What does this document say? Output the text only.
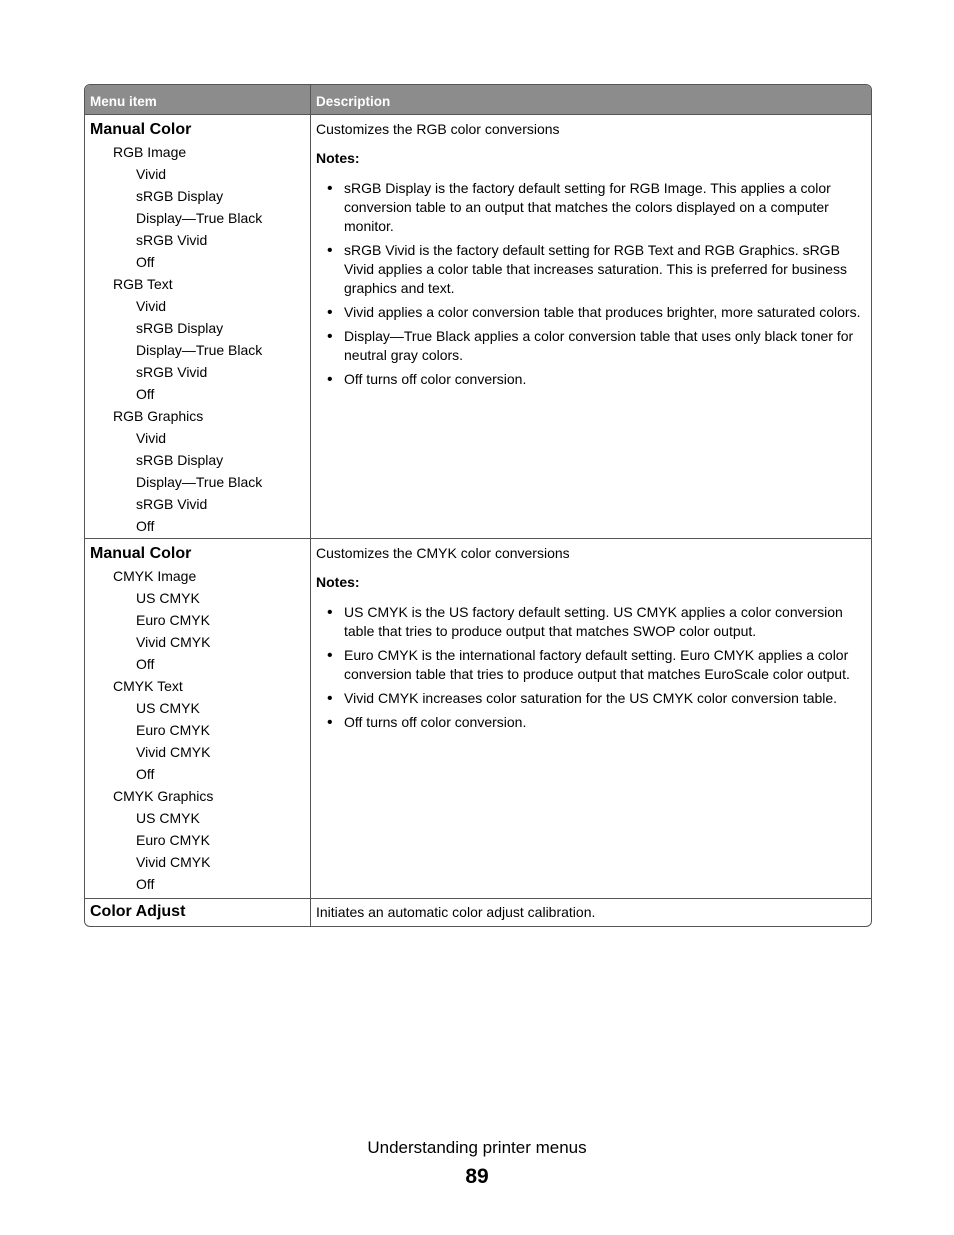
Menu item	Description
Manual Color
RGB Image
Vivid
sRGB Display
Display—True Black
sRGB Vivid
Off
RGB Text
Vivid
sRGB Display
Display—True Black
sRGB Vivid
Off
RGB Graphics
Vivid
sRGB Display
Display—True Black
sRGB Vivid
Off
Customizes the RGB color conversions
Notes:
• sRGB Display is the factory default setting for RGB Image. This applies a color conversion table to an output that matches the colors displayed on a computer monitor.
• sRGB Vivid is the factory default setting for RGB Text and RGB Graphics. sRGB Vivid applies a color table that increases saturation. This is preferred for business graphics and text.
• Vivid applies a color conversion table that produces brighter, more saturated colors.
• Display—True Black applies a color conversion table that uses only black toner for neutral gray colors.
• Off turns off color conversion.
Manual Color
CMYK Image
US CMYK
Euro CMYK
Vivid CMYK
Off
CMYK Text
US CMYK
Euro CMYK
Vivid CMYK
Off
CMYK Graphics
US CMYK
Euro CMYK
Vivid CMYK
Off
Customizes the CMYK color conversions
Notes:
• US CMYK is the US factory default setting. US CMYK applies a color conversion table that tries to produce output that matches SWOP color output.
• Euro CMYK is the international factory default setting. Euro CMYK applies a color conversion table that tries to produce output that matches EuroScale color output.
• Vivid CMYK increases color saturation for the US CMYK color conversion table.
• Off turns off color conversion.
Color Adjust	Initiates an automatic color adjust calibration.
Understanding printer menus
89
